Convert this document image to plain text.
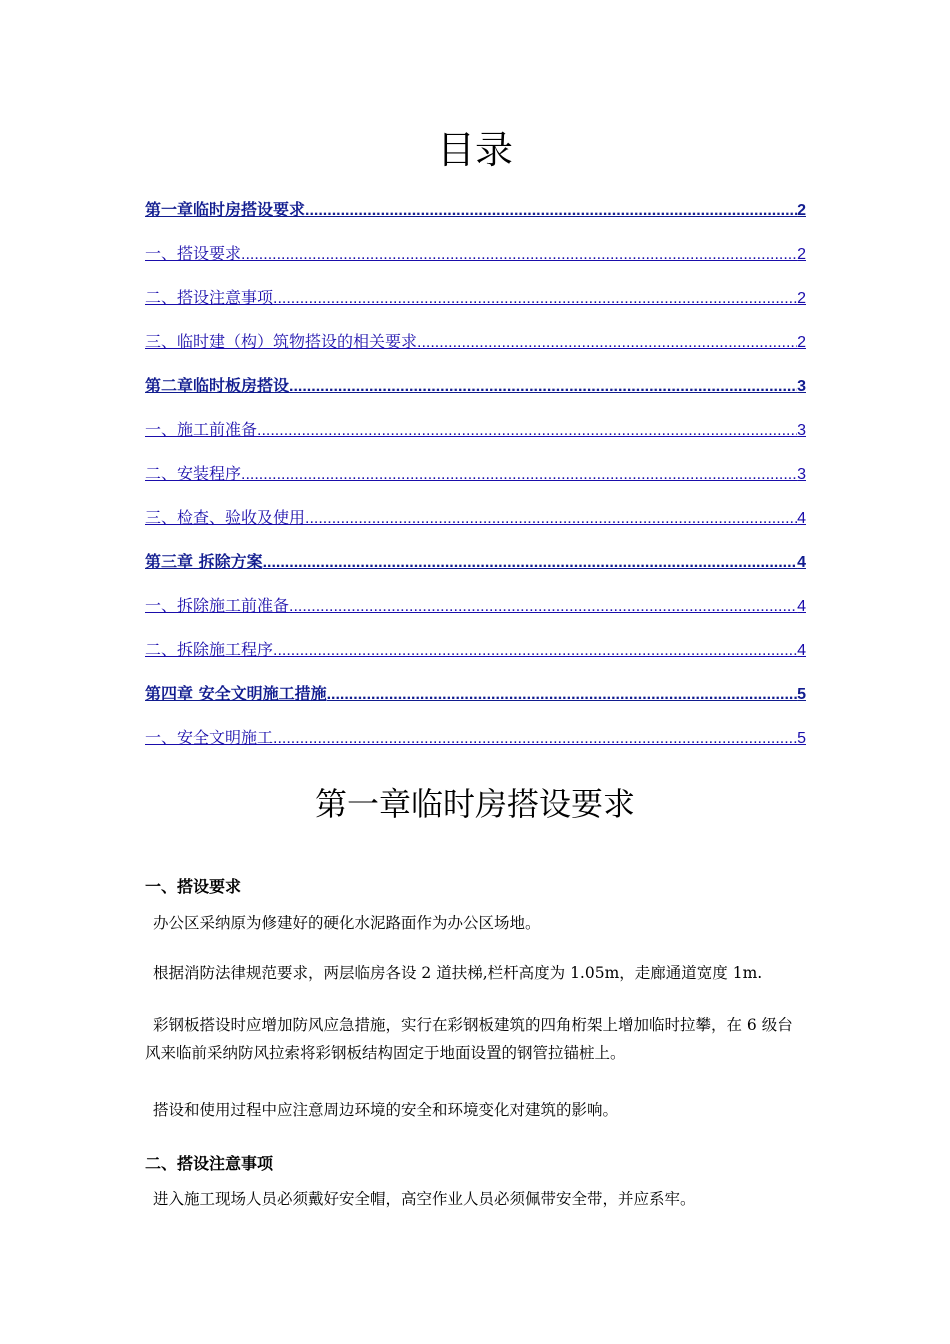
目录
第一章临时房搭设要求 .....	2
一、搭设要求 .....	2
二、搭设注意事项 .....	2
三、临时建（构）筑物搭设的相关要求 .....	2
第二章临时板房搭设 .....	3
一、施工前准备 .....	3
二、安装程序 .....	3
三、检查、验收及使用 .....	4
第三章 拆除方案 .....	4
一、拆除施工前准备 .....	4
二、拆除施工程序 .....	4
第四章 安全文明施工措施 .....	5
一、安全文明施工 .....	5
第一章临时房搭设要求
一、搭设要求

办公区采纳原为修建好的硬化水泥路面作为办公区场地。

根据消防法律规范要求，两层临房各设 2 道扶梯,栏杆高度为 1.05m，走廊通道宽度 1m.

彩钢板搭设时应增加防风应急措施，实行在彩钢板建筑的四角桁架上增加临时拉攀，在 6 级台风来临前采纳防风拉索将彩钢板结构固定于地面设置的钢管拉锚桩上。

搭设和使用过程中应注意周边环境的安全和环境变化对建筑的影响。

二、搭设注意事项

进入施工现场人员必须戴好安全帽，高空作业人员必须佩带安全带，并应系牢。
